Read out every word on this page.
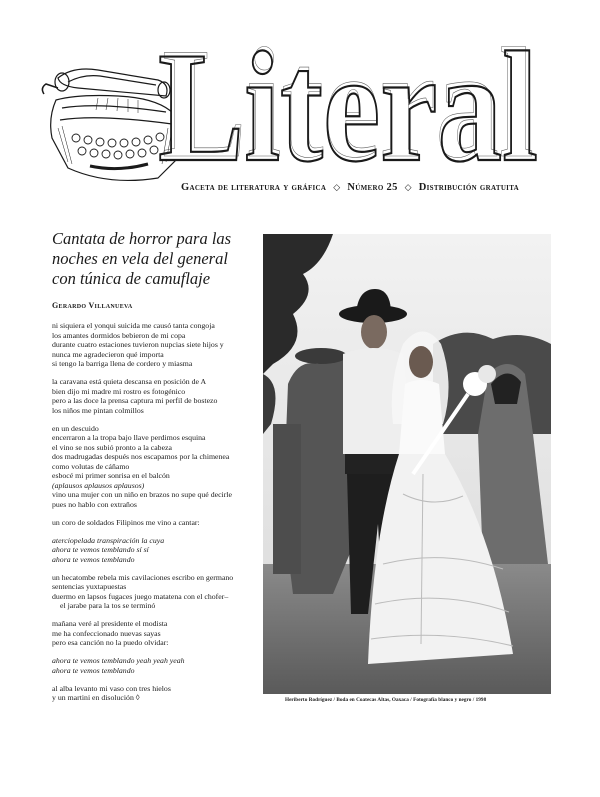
Literal
Literal
Gaceta de literatura y gráfica ◇ Número 25 ◇ Distribución gratuita
Cantata de horror para las
noches en vela del general
con túnica de camuflaje
Gerardo Villanueva
ni siquiera el yonqui suicida me causó tanta congoja
los amantes dormidos bebieron de mi copa
durante cuatro estaciones tuvieron nupcias siete hijos y
nunca me agradecieron qué importa
si tengo la barriga llena de cordero y miasma
la caravana está quieta descansa en posición de A
bien dijo mi madre mi rostro es fotogénico
pero a las doce la prensa captura mi perfil de bostezo
los niños me pintan colmillos
en un descuido
encerraron a la tropa bajo llave perdimos esquina
el vino se nos subió pronto a la cabeza
dos madrugadas después nos escapamos por la chimenea
como volutas de cáñamo
esbocé mi primer sonrisa en el balcón
(aplausos aplausos aplausos)
vino una mujer con un niño en brazos no supe qué decirle
pues no hablo con extraños
un coro de soldados Filipinos me vino a cantar:
aterciopelada transpiración la cuya
ahora te vemos temblando sí sí
ahora te vemos temblando
un hecatombe rebela mis cavilaciones escribo en germano
sentencias yuxtapuestas
duermo en lapsos fugaces juego matatena con el chofer–
el jarabe para la tos se terminó
mañana veré al presidente el modista
me ha confeccionado nuevas sayas
pero esa canción no la puedo olvidar:
ahora te vemos temblando yeah yeah yeah
ahora te vemos temblando
al alba levanto mi vaso con tres hielos
y un martini en disolución ◊	Heriberto Rodríguez / Boda en Coatecas Altas, Oaxaca / Fotografía blanco y negro / 1998
